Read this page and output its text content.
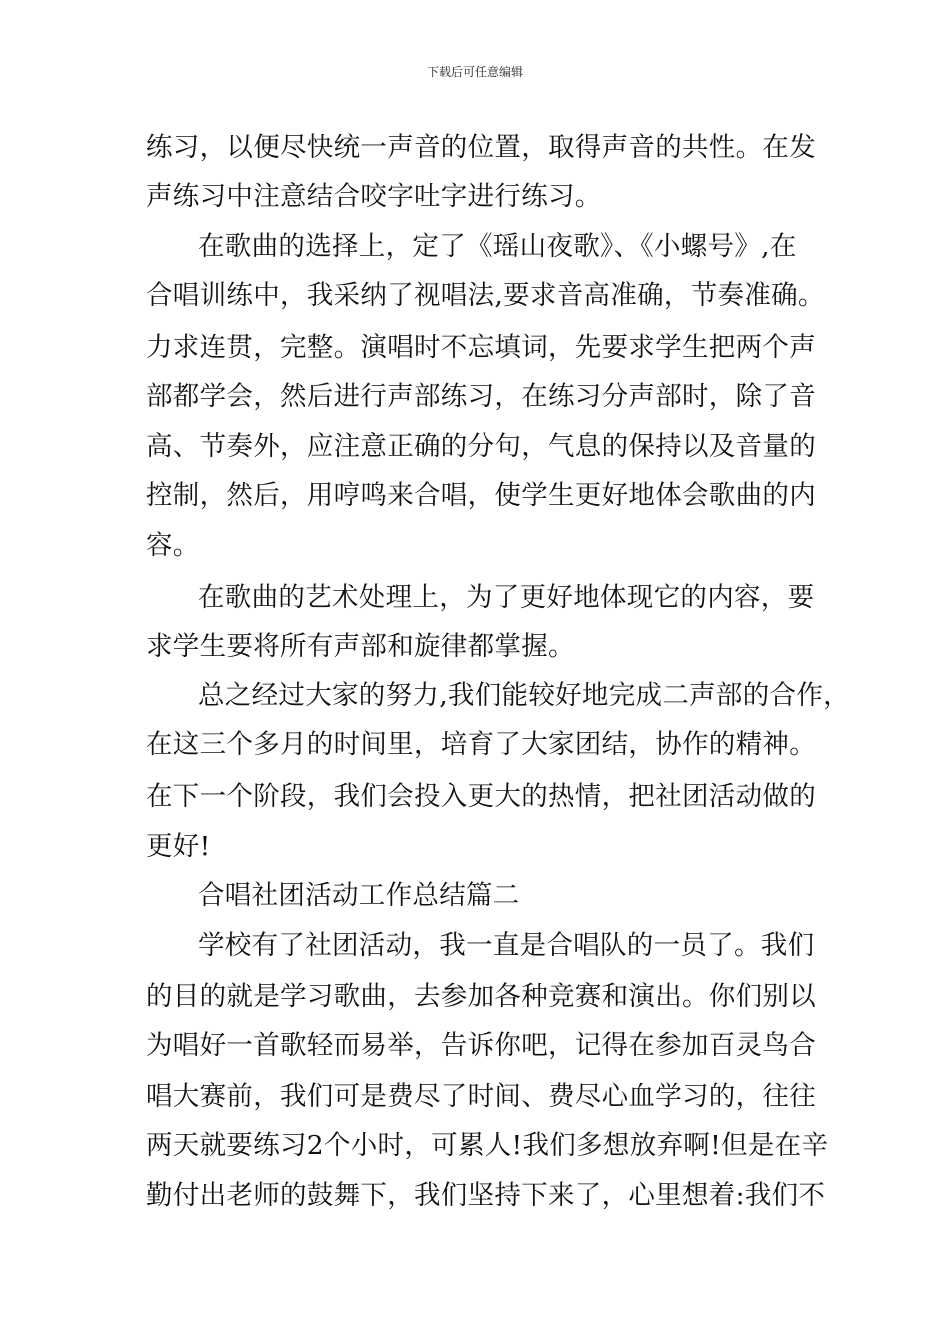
下载后可任意编辑
练习，以便尽快统一声音的位置，取得声音的共性。在发
声练习中注意结合咬字吐字进行练习。
在歌曲的选择上，定了《瑶山夜歌》、《小螺号》,在
合唱训练中，我采纳了视唱法,要求音高准确，节奏准确。
力求连贯，完整。演唱时不忘填词，先要求学生把两个声
部都学会，然后进行声部练习，在练习分声部时，除了音
高、节奏外，应注意正确的分句，气息的保持以及音量的
控制，然后，用哼鸣来合唱，使学生更好地体会歌曲的内
容。
在歌曲的艺术处理上，为了更好地体现它的内容，要
求学生要将所有声部和旋律都掌握。
总之经过大家的努力,我们能较好地完成二声部的合作，
在这三个多月的时间里，培育了大家团结，协作的精神。
在下一个阶段，我们会投入更大的热情，把社团活动做的
更好!
合唱社团活动工作总结篇二
学校有了社团活动，我一直是合唱队的一员了。我们
的目的就是学习歌曲，去参加各种竞赛和演出。你们别以
为唱好一首歌轻而易举，告诉你吧，记得在参加百灵鸟合
唱大赛前，我们可是费尽了时间、费尽心血学习的，往往
两天就要练习2个小时，可累人!我们多想放弃啊!但是在辛
勤付出老师的鼓舞下，我们坚持下来了，心里想着:我们不
